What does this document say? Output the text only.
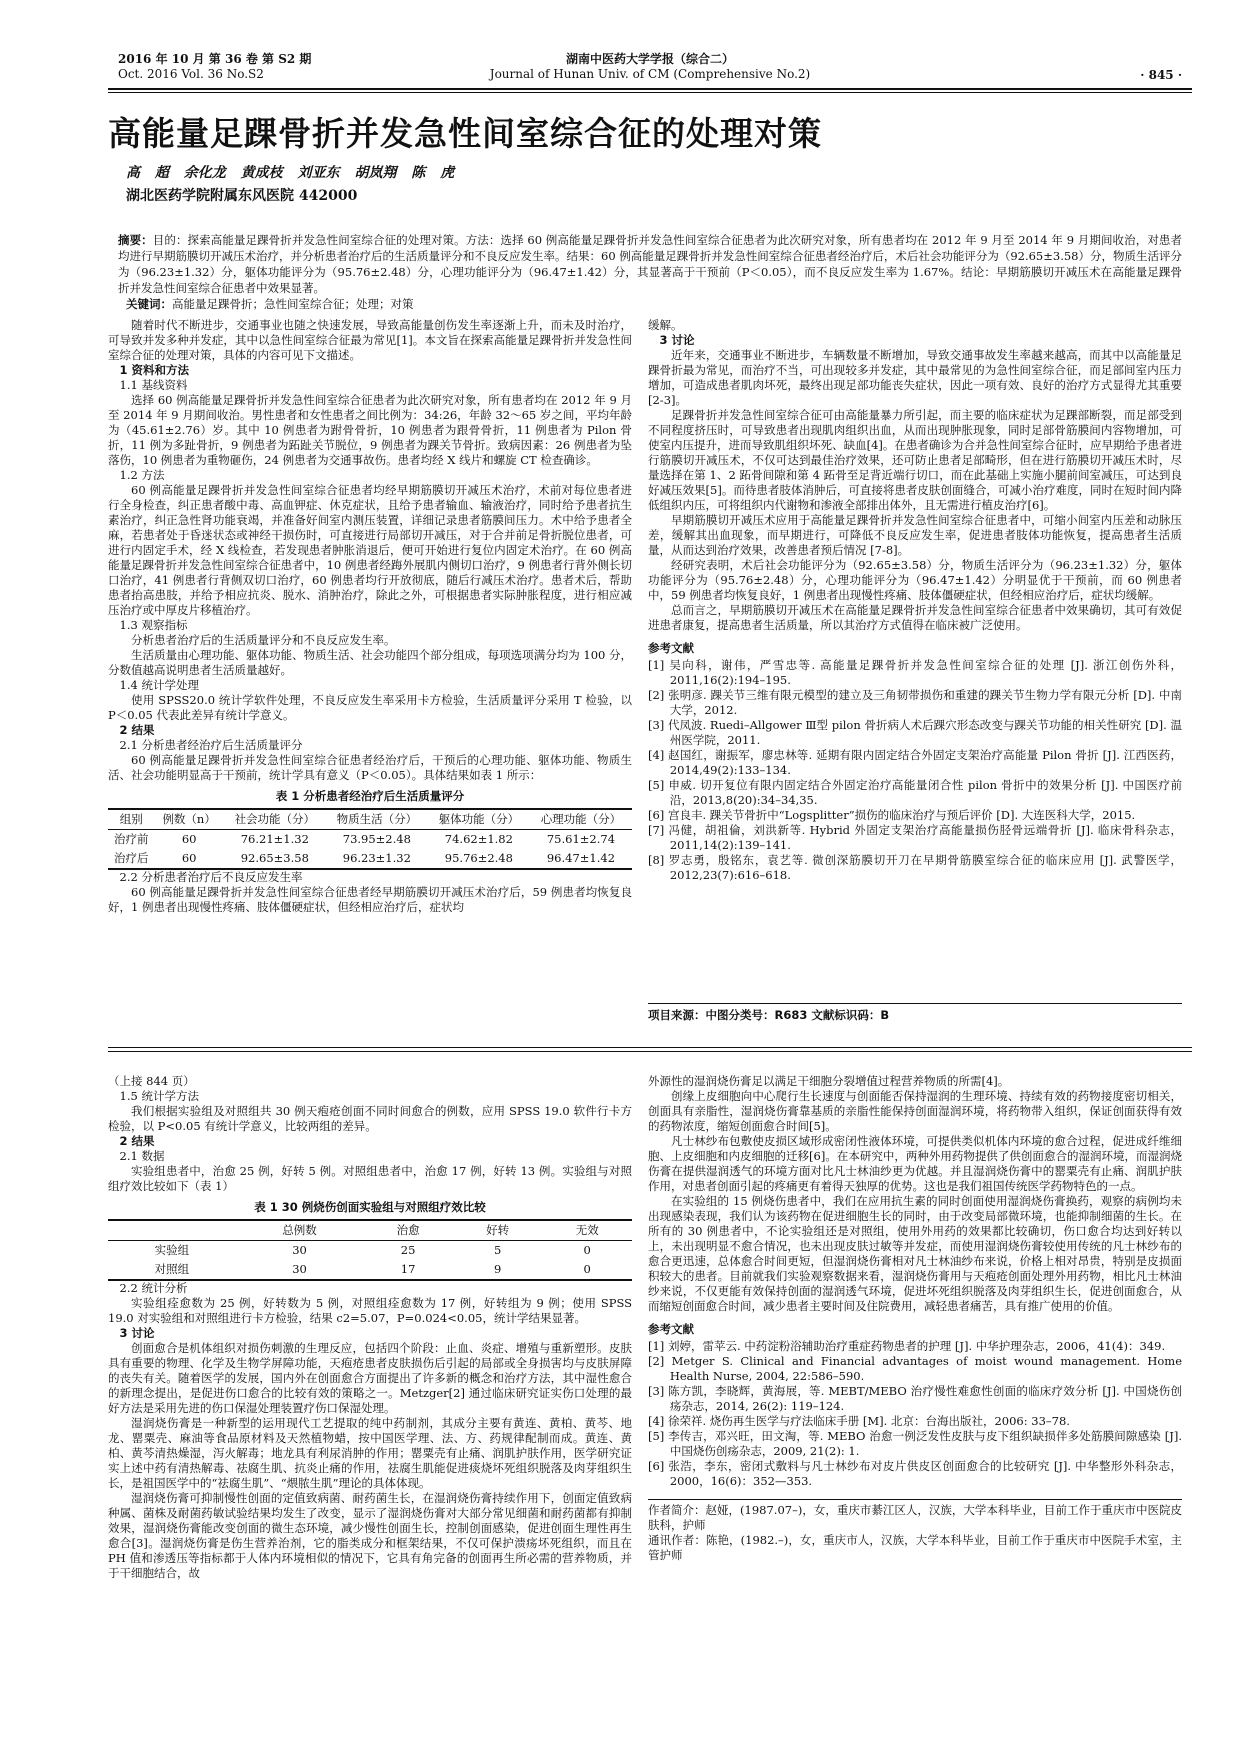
2016 年 10 月 第 36 卷 第 S2 期
Oct. 2016 Vol. 36 No.S2
湖南中医药大学学报（综合二）
Journal of Hunan Univ. of CM (Comprehensive No.2)	· 845 ·
高能量足踝骨折并发急性间室综合征的处理对策
高 超 余化龙 黄成枝 刘亚东 胡岚翔 陈 虎
湖北医药学院附属东风医院 442000
摘要：目的：探索高能量足踝骨折并发急性间室综合征的处理对策。方法：选择 60 例高能量足踝骨折并发急性间室综合征患者为此次研究对象，所有患者均在 2012 年 9 月至 2014 年 9 月期间收治，对患者均进行早期筋膜切开减压术治疗，并分析患者治疗后的生活质量评分和不良反应发生率。结果：60 例高能量足踝骨折并发急性间室综合征患者经治疗后，术后社会功能评分为（92.65±3.58）分，物质生活评分为（96.23±1.32）分，躯体功能评分为（95.76±2.48）分，心理功能评分为（96.47±1.42）分，其显著高于干预前（P＜0.05），而不良反应发生率为 1.67%。结论：早期筋膜切开减压术在高能量足踝骨折并发急性间室综合征患者中效果显著。
关键词：高能量足踝骨折；急性间室综合征；处理；对策

随着时代不断进步，交通事业也随之快速发展，导致高能量创伤发生率逐渐上升，而未及时治疗，可导致并发多种并发症，其中以急性间室综合征最为常见[1]。本文旨在探索高能量足踝骨折并发急性间室综合征的处理对策，具体的内容可见下文描述。

1 资料和方法

1.1 基线资料

选择 60 例高能量足踝骨折并发急性间室综合征患者为此次研究对象，所有患者均在 2012 年 9 月至 2014 年 9 月期间收治。男性患者和女性患者之间比例为：34:26，年龄 32～65 岁之间，平均年龄为（45.61±2.76）岁。其中 10 例患者为跗骨骨折，10 例患者为跟骨骨折，11 例患者为 Pilon 骨折，11 例为多趾骨折，9 例患者为跖趾关节脱位，9 例患者为踝关节骨折。致病因素：26 例患者为坠落伤，10 例患者为重物砸伤，24 例患者为交通事故伤。患者均经 X 线片和螺旋 CT 检查确诊。

1.2 方法

60 例高能量足踝骨折并发急性间室综合征患者均经早期筋膜切开减压术治疗，术前对每位患者进行全身检查，纠正患者酸中毒、高血钾症、休克症状，且给予患者输血、输液治疗，同时给予患者抗生素治疗，纠正急性肾功能衰竭，并准备好间室内测压装置，详细记录患者筋膜间压力。术中给予患者全麻，若患者处于昏迷状态或神经干损伤时，可直接进行局部切开减压，对于合并前足骨折脱位患者，可进行内固定手术，经 X 线检查，若发现患者肿胀消退后，便可开始进行复位内固定术治疗。在 60 例高能量足踝骨折并发急性间室综合征患者中，10 例患者经踇外展肌内侧切口治疗，9 例患者行背外侧长切口治疗，41 例患者行背侧双切口治疗，60 例患者均行开放彻底，随后行减压术治疗。患者术后，帮助患者抬高患肢，并给予相应抗炎、脱水、消肿治疗，除此之外，可根据患者实际肿胀程度，进行相应减压治疗或中厚皮片移植治疗。

1.3 观察指标

分析患者治疗后的生活质量评分和不良反应发生率。

生活质量由心理功能、躯体功能、物质生活、社会功能四个部分组成，每项选项满分均为 100 分，分数值越高说明患者生活质量越好。

1.4 统计学处理

使用 SPSS20.0 统计学软件处理，不良反应发生率采用卡方检验，生活质量评分采用 T 检验，以 P＜0.05 代表此差异有统计学意义。

2 结果

2.1 分析患者经治疗后生活质量评分

60 例高能量足踝骨折并发急性间室综合征患者经治疗后，干预后的心理功能、躯体功能、物质生活、社会功能明显高于干预前，统计学具有意义（P＜0.05）。具体结果如表 1 所示：

表 1 分析患者经治疗后生活质量评分
组别	例数（n）	社会功能（分）	物质生活（分）	躯体功能（分）	心理功能（分）
治疗前	60	76.21±1.32	73.95±2.48	74.62±1.82	75.61±2.74
治疗后	60	92.65±3.58	96.23±1.32	95.76±2.48	96.47±1.42

2.2 分析患者治疗后不良反应发生率

60 例高能量足踝骨折并发急性间室综合征患者经早期筋膜切开减压术治疗后，59 例患者均恢复良好，1 例患者出现慢性疼痛、肢体僵硬症状，但经相应治疗后，症状均

缓解。

3 讨论

近年来，交通事业不断进步，车辆数量不断增加，导致交通事故发生率越来越高，而其中以高能量足踝骨折最为常见，而治疗不当，可出现较多并发症，其中最常见的为急性间室综合征，而足部间室内压力增加，可造成患者肌肉坏死，最终出现足部功能丧失症状，因此一项有效、良好的治疗方式显得尤其重要 [2-3]。

足踝骨折并发急性间室综合征可由高能量暴力所引起，而主要的临床症状为足踝部断裂，而足部受到不同程度挤压时，可导致患者出现肌肉组织出血，从而出现肿胀现象，同时足部骨筋膜间内容物增加，可使室内压提升，进而导致肌组织坏死、缺血[4]。在患者确诊为合并急性间室综合征时，应早期给予患者进行筋膜切开减压术，不仅可达到最佳治疗效果，还可防止患者足部畸形，但在进行筋膜切开减压术时，尽量选择在第 1、2 跖骨间隙和第 4 跖骨至足背近端行切口，而在此基础上实施小腿前间室减压，可达到良好减压效果[5]。而待患者肢体消肿后，可直接将患者皮肤创面缝合，可减小治疗难度，同时在短时间内降低组织内压，可将组织内代谢物和渗液全部排出体外，且无需进行植皮治疗[6]。

早期筋膜切开减压术应用于高能量足踝骨折并发急性间室综合征患者中，可缩小间室内压差和动脉压差，缓解其出血现象，而早期进行，可降低不良反应发生率，促进患者肢体功能恢复，提高患者生活质量，从而达到治疗效果，改善患者预后情况 [7-8]。

经研究表明，术后社会功能评分为（92.65±3.58）分，物质生活评分为（96.23±1.32）分，躯体功能评分为（95.76±2.48）分，心理功能评分为（96.47±1.42）分明显优于干预前，而 60 例患者中，59 例患者均恢复良好，1 例患者出现慢性疼痛、肢体僵硬症状，但经相应治疗后，症状均缓解。

总而言之，早期筋膜切开减压术在高能量足踝骨折并发急性间室综合征患者中效果确切，其可有效促进患者康复，提高患者生活质量，所以其治疗方式值得在临床被广泛使用。

参考文献

[1] 吴向科，谢伟，严雪忠等. 高能量足踝骨折并发急性间室综合征的处理 [J]. 浙江创伤外科，2011,16(2):194–195.

[2] 张明彦. 踝关节三维有限元模型的建立及三角韧带损伤和重建的踝关节生物力学有限元分析 [D]. 中南大学，2012.

[3] 代凤波. Ruedi–Allgower Ⅲ型 pilon 骨折病人术后踝穴形态改变与踝关节功能的相关性研究 [D]. 温州医学院，2011.

[4] 赵国红，谢振军，廖忠林等. 延期有限内固定结合外固定支架治疗高能量 Pilon 骨折 [J]. 江西医药，2014,49(2):133–134.

[5] 申威. 切开复位有限内固定结合外固定治疗高能量闭合性 pilon 骨折中的效果分析 [J]. 中国医疗前沿，2013,8(20):34–34,35.

[6] 宫良丰. 踝关节骨折中“Logsplitter”损伤的临床治疗与预后评价 [D]. 大连医科大学，2015.

[7] 冯健，胡祖倫，刘洪新等. Hybrid 外固定支架治疗高能量损伤胫骨远端骨折 [J]. 临床骨科杂志，2011,14(2):139–141.

[8] 罗志勇，殷铭东，袁艺等. 微创深筋膜切开刀在早期骨筋膜室综合征的临床应用 [J]. 武警医学，2012,23(7):616–618.

项目来源：中图分类号：R683 文献标识码：B

（上接 844 页）

1.5 统计学方法

我们根据实验组及对照组共 30 例天疱疮创面不同时间愈合的例数，应用 SPSS 19.0 软件行卡方检验，以 P<0.05 有统计学意义，比较两组的差异。

2 结果

2.1 数据

实验组患者中，治愈 25 例，好转 5 例。对照组患者中，治愈 17 例，好转 13 例。实验组与对照组疗效比较如下（表 1）

表 1 30 例烧伤创面实验组与对照组疗效比较
	总例数	治愈	好转	无效
实验组	30	25	5	0
对照组	30	17	9	0

2.2 统计分析

实验组痊愈数为 25 例，好转数为 5 例，对照组痊愈数为 17 例，好转组为 9 例；使用 SPSS 19.0 对实验组和对照组进行卡方检验，结果 c2=5.07，P=0.024<0.05，统计学结果显著。

3 讨论

创面愈合是机体组织对损伤刺激的生理反应，包括四个阶段：止血、炎症、增殖与重新塑形。皮肤具有重要的物理、化学及生物学屏障功能，天疱疮患者皮肤损伤后引起的局部或全身损害均与皮肤屏障的丧失有关。随着医学的发展，国内外在创面愈合方面提出了许多新的概念和治疗方法，其中湿性愈合的新理念提出，是促进伤口愈合的比较有效的策略之一。Metzger[2] 通过临床研究证实伤口处理的最好方法是采用先进的伤口保湿处理装置疗伤口保湿处理。

湿润烧伤膏是一种新型的运用现代工艺提取的纯中药制剂，其成分主要有黄连、黄柏、黄芩、地龙、罂粟壳、麻油等食品原材料及天然植物蜡，按中国医学理、法、方、药规律配制而成。黄连、黄柏、黄芩清热燥湿，泻火解毒；地龙具有利尿消肿的作用；罂粟壳有止痛、润肌护肤作用，医学研究证实上述中药有清热解毒、祛腐生肌、抗炎止痛的作用，祛腐生肌能促进痰烧坏死组织脱落及肉芽组织生长，是祖国医学中的“祛腐生肌”、“煨脓生肌”理论的具体体现。

湿润烧伤膏可抑制慢性创面的定值致病菌、耐药菌生长，在湿润烧伤膏持续作用下，创面定值致病种属、菌株及耐菌药敏试验结果均发生了改变，显示了湿润烧伤膏对大部分常见细菌和耐药菌都有抑制效果，湿润烧伤膏能改变创面的微生态环境，减少慢性创面生长，控制创面感染，促进创面生理性再生愈合[3]。湿润烧伤膏是伤生营养治剂，它的脂类成分和框架结果，不仅可保护溃疡坏死组织，而且在 PH 值和渗透压等指标都于人体内环境相似的情况下，它具有角完备的创面再生所必需的营养物质，并于干细胞结合，故

外源性的湿润烧伤膏足以满足干细胞分裂增值过程营养物质的所需[4]。

创缘上皮细胞向中心爬行生长速度与创面能否保持湿润的生理环境、持续有效的药物接度密切相关，创面具有亲脂性，湿润烧伤膏靠基质的亲脂性能保持创面湿润环境，将药物带入组织，保证创面获得有效的药物浓度，缩短创面愈合时间[5]。

凡士林纱布包敷使皮损区域形成密闭性液体环境，可提供类似机体内环境的愈合过程，促进成纤维细胞、上皮细胞和内皮细胞的迁移[6]。在本研究中，两种外用药物提供了供创面愈合的湿润环境，而湿润烧伤膏在提供湿润透气的环境方面对比凡士林油纱更为优越。并且湿润烧伤膏中的罂粟壳有止痛、润肌护肤作用，对患者创面引起的疼痛更有着得天独厚的优势。这也是我们祖国传统医学药物特色的一点。

在实验组的 15 例烧伤患者中，我们在应用抗生素的同时创面使用湿润烧伤膏换药，观察的病例均未出现感染表现，我们认为该药物在促进细胞生长的同时，由于改变局部微环境，也能抑制细菌的生长。在所有的 30 例患者中，不论实验组还是对照组，使用外用药的效果都比较确切，伤口愈合均达到好转以上，未出现明显不愈合情况，也未出现皮肤过敏等并发症，而使用湿润烧伤膏较使用传统的凡士林纱布的愈合更迅速，总体愈合时间更短，但湿润烧伤膏相对凡士林油纱布来说，价格上相对昂贵，特别是皮损面积较大的患者。目前就我们实验观察数据来看，湿润烧伤膏用与天疱疮创面处理外用药物，相比凡士林油纱来说，不仅更能有效保持创面的湿润透气环境，促进坏死组织脱落及肉芽组织生长，促进创面愈合，从而缩短创面愈合时间，减少患者主要时间及住院费用，减轻患者痛苦，具有推广使用的价值。

参考文献

[1] 刘婷，雷苹云. 中药淀粉浴辅助治疗重症药物患者的护理 [J]. 中华护理杂志，2006，41(4)：349.

[2] Metger S. Clinical and Financial advantages of moist wound management. Home Health Nurse, 2004, 22:586–590.

[3] 陈方凯，李晓辉，黄海展，等. MEBT/MEBO 治疗慢性难愈性创面的临床疗效分析 [J]. 中国烧伤创疡杂志，2014, 26(2): 119–124.

[4] 徐荣祥. 烧伤再生医学与疗法临床手册 [M]. 北京：台海出版社，2006: 33–78.

[5] 李传吉，邓兴旺，田文淘，等. MEBO 治愈一例泛发性皮肤与皮下组织缺损伴多处筋膜间隙感染 [J]. 中国烧伤创疡杂志，2009, 21(2): 1.

[6] 张浩，李东，密闭式敷料与凡士林纱布对皮片供皮区创面愈合的比较研究 [J]. 中华整形外科杂志，2000，16(6)：352—353.

作者简介：赵娅，(1987.07–)，女，重庆市綦江区人，汉族，大学本科毕业，目前工作于重庆市中医院皮肤科，护师

通讯作者：陈艳，(1982.–)，女，重庆市人，汉族，大学本科毕业，目前工作于重庆市中医院手术室，主管护师
